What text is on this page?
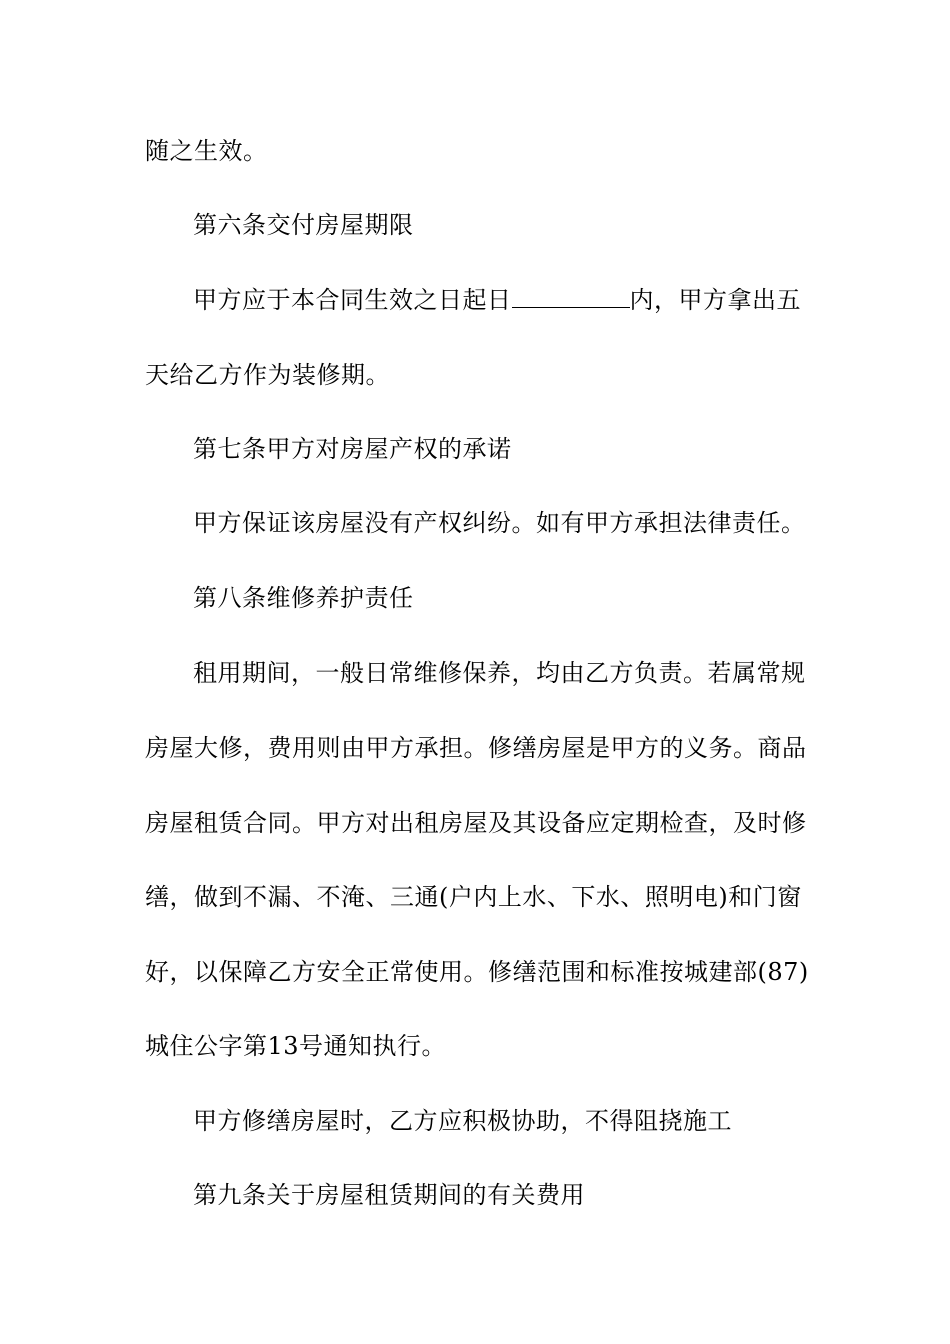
随之生效。
第六条交付房屋期限
甲方应于本合同生效之日起日	内，甲方拿出五
天给乙方作为装修期。
第七条甲方对房屋产权的承诺
甲方保证该房屋没有产权纠纷。如有甲方承担法律责任。
第八条维修养护责任
租用期间，一般日常维修保养，均由乙方负责。若属常规
房屋大修，费用则由甲方承担。修缮房屋是甲方的义务。商品
房屋租赁合同。甲方对出租房屋及其设备应定期检查，及时修
缮，做到不漏、不淹、三通(户内上水、下水、照明电)和门窗
好，以保障乙方安全正常使用。修缮范围和标准按城建部(87)
城住公字第13号通知执行。
甲方修缮房屋时，乙方应积极协助，不得阻挠施工
第九条关于房屋租赁期间的有关费用
